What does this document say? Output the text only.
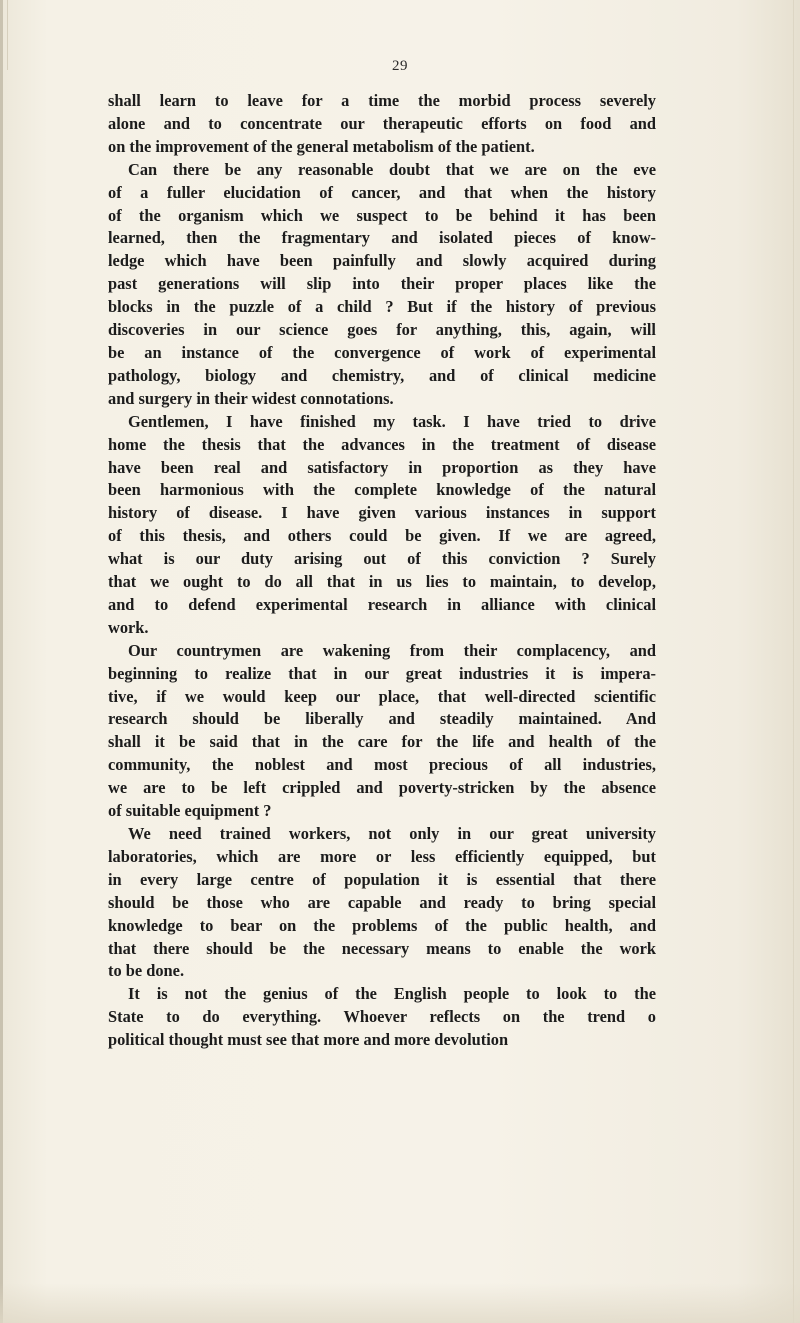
29

shall learn to leave for a time the morbid process severely
alone and to concentrate our therapeutic efforts on food and
on the improvement of the general metabolism of the patient.

Can there be any reasonable doubt that we are on the eve
of a fuller elucidation of cancer, and that when the history
of the organism which we suspect to be behind it has been
learned, then the fragmentary and isolated pieces of know-
ledge which have been painfully and slowly acquired during
past generations will slip into their proper places like the
blocks in the puzzle of a child ? But if the history of previous
discoveries in our science goes for anything, this, again, will
be an instance of the convergence of work of experimental
pathology, biology and chemistry, and of clinical medicine
and surgery in their widest connotations.

Gentlemen, I have finished my task. I have tried to drive
home the thesis that the advances in the treatment of disease
have been real and satisfactory in proportion as they have
been harmonious with the complete knowledge of the natural
history of disease. I have given various instances in support
of this thesis, and others could be given. If we are agreed,
what is our duty arising out of this conviction ? Surely
that we ought to do all that in us lies to maintain, to develop,
and to defend experimental research in alliance with clinical
work.

Our countrymen are wakening from their complacency, and
beginning to realize that in our great industries it is impera-
tive, if we would keep our place, that well-directed scientific
research should be liberally and steadily maintained. And
shall it be said that in the care for the life and health of the
community, the noblest and most precious of all industries,
we are to be left crippled and poverty-stricken by the absence
of suitable equipment ?

We need trained workers, not only in our great university
laboratories, which are more or less efficiently equipped, but
in every large centre of population it is essential that there
should be those who are capable and ready to bring special
knowledge to bear on the problems of the public health, and
that there should be the necessary means to enable the work
to be done.

It is not the genius of the English people to look to the
State to do everything. Whoever reflects on the trend o
political thought must see that more and more devolution
